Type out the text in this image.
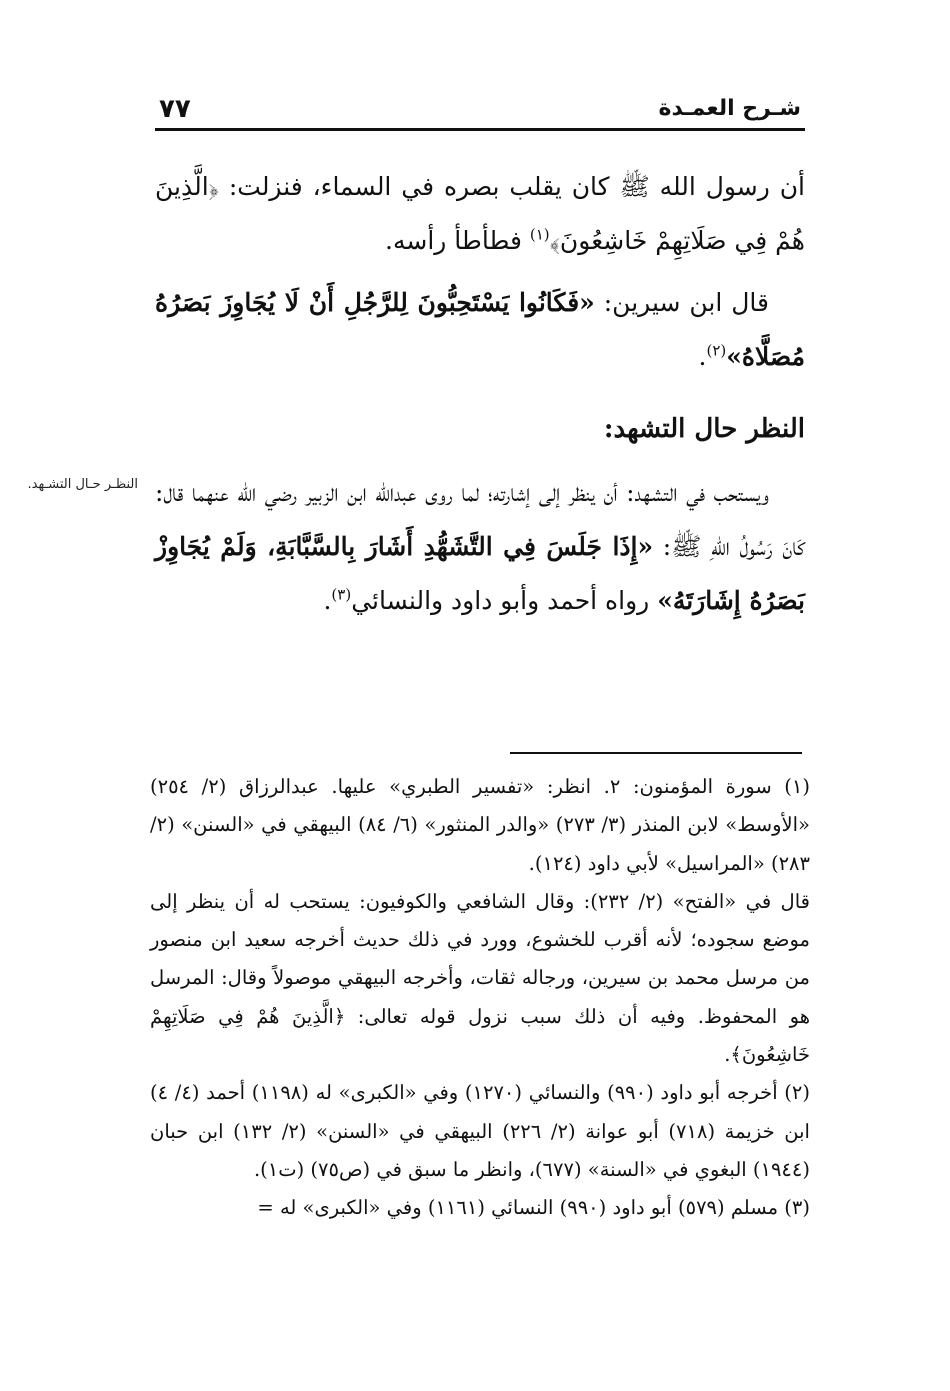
٧٧	شـرح العمـدة

أن رسول الله ﷺ كان يقلب بصره في السماء، فنزلت: ﴿الَّذِينَ هُمْ فِي صَلَاتِهِمْ خَاشِعُونَ﴾$^{(١)}$ فطأطأ رأسه.

قال ابن سيرين: «فَكَانُوا يَسْتَحِبُّونَ لِلرَّجُلِ أَنْ لَا يُجَاوِزَ بَصَرُهُ مُصَلَّاهُ»$^{(٢)}$.

النظر حال التشهد:

ويستحب في التشهد: أن ينظر إلى إشارته؛ لما روى عبدالله ابن الزبير رضي الله عنهما قال: كَانَ رَسُولُ اللهِ ﷺ: «إِذَا جَلَسَ فِي التَّشَهُّدِ أَشَارَ بِالسَّبَّابَةِ، وَلَمْ يُجَاوِزْ بَصَرُهُ إِشَارَتَهُ» رواه أحمد وأبو داود والنسائي$^{(٣)}$.

النظـر حـال التشـهد.

(١) سورة المؤمنون: ٢. انظر: «تفسير الطبري» عليها. عبدالرزاق (٢/ ٢٥٤) «الأوسط» لابن المنذر (٣/ ٢٧٣) «والدر المنثور» (٦/ ٨٤) البيهقي في «السنن» (٢/ ٢٨٣) «المراسيل» لأبي داود (١٢٤).

قال في «الفتح» (٢/ ٢٣٢): وقال الشافعي والكوفيون: يستحب له أن ينظر إلى موضع سجوده؛ لأنه أقرب للخشوع، وورد في ذلك حديث أخرجه سعيد ابن منصور من مرسل محمد بن سيرين، ورجاله ثقات، وأخرجه البيهقي موصولاً وقال: المرسل هو المحفوظ. وفيه أن ذلك سبب نزول قوله تعالى: ﴿الَّذِينَ هُمْ فِي صَلَاتِهِمْ خَاشِعُونَ﴾.

(٢) أخرجه أبو داود (٩٩٠) والنسائي (١٢٧٠) وفي «الكبرى» له (١١٩٨) أحمد (٤/ ٤) ابن خزيمة (٧١٨) أبو عوانة (٢/ ٢٢٦) البيهقي في «السنن» (٢/ ١٣٢) ابن حبان (١٩٤٤) البغوي في «السنة» (٦٧٧)، وانظر ما سبق في (ص٧٥) (ت١).

(٣) مسلم (٥٧٩) أبو داود (٩٩٠) النسائي (١١٦١) وفي «الكبرى» له =
